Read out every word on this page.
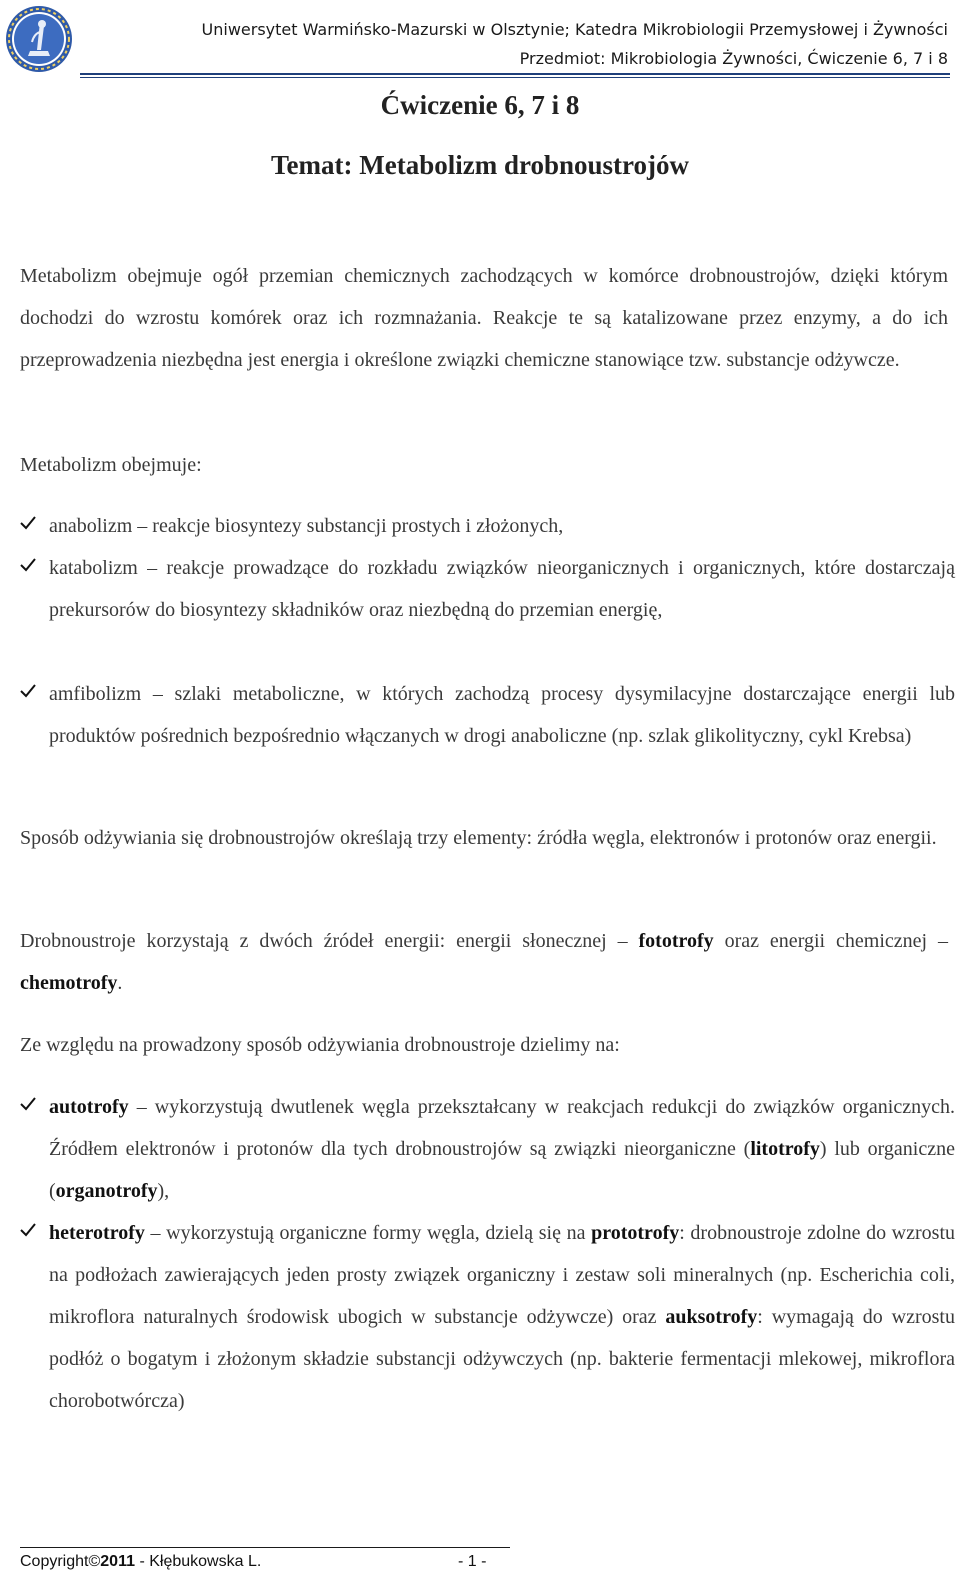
Uniwersytet Warmińsko-Mazurski w Olsztynie; Katedra Mikrobiologii Przemysłowej i Żywności
Przedmiot: Mikrobiologia Żywności, Ćwiczenie 6, 7 i 8
Ćwiczenie 6, 7 i 8
Temat: Metabolizm drobnoustrojów

Metabolizm obejmuje ogół przemian chemicznych zachodzących w komórce drobnoustrojów, dzięki którym dochodzi do wzrostu komórek oraz ich rozmnażania. Reakcje te są katalizowane przez enzymy, a do ich przeprowadzenia niezbędna jest energia i określone związki chemiczne stanowiące tzw. substancje odżywcze.

Metabolizm obejmuje:

anabolizm – reakcje biosyntezy substancji prostych i złożonych,
katabolizm – reakcje prowadzące do rozkładu związków nieorganicznych i organicznych, które dostarczają prekursorów do biosyntezy składników oraz niezbędną do przemian energię,
amfibolizm – szlaki metaboliczne, w których zachodzą procesy dysymilacyjne dostarczające energii lub produktów pośrednich bezpośrednio włączanych w drogi anaboliczne (np. szlak glikolityczny, cykl Krebsa)

Sposób odżywiania się drobnoustrojów określają trzy elementy: źródła węgla, elektronów i protonów oraz energii.

Drobnoustroje korzystają z dwóch źródeł energii: energii słonecznej – fototrofy oraz energii chemicznej – chemotrofy.

Ze względu na prowadzony sposób odżywiania drobnoustroje dzielimy na:

autotrofy – wykorzystują dwutlenek węgla przekształcany w reakcjach redukcji do związków organicznych. Źródłem elektronów i protonów dla tych drobnoustrojów są związki nieorganiczne (litotrofy) lub organiczne (organotrofy),
heterotrofy – wykorzystują organiczne formy węgla, dzielą się na prototrofy: drobnoustroje zdolne do wzrostu na podłożach zawierających jeden prosty związek organiczny i zestaw soli mineralnych (np. Escherichia coli, mikroflora naturalnych środowisk ubogich w substancje odżywcze) oraz auksotrofy: wymagają do wzrostu podłóż o bogatym i złożonym składzie substancji odżywczych (np. bakterie fermentacji mlekowej, mikroflora chorobotwórcza)
Copyright©2011 - Kłębukowska L.	- 1 -
